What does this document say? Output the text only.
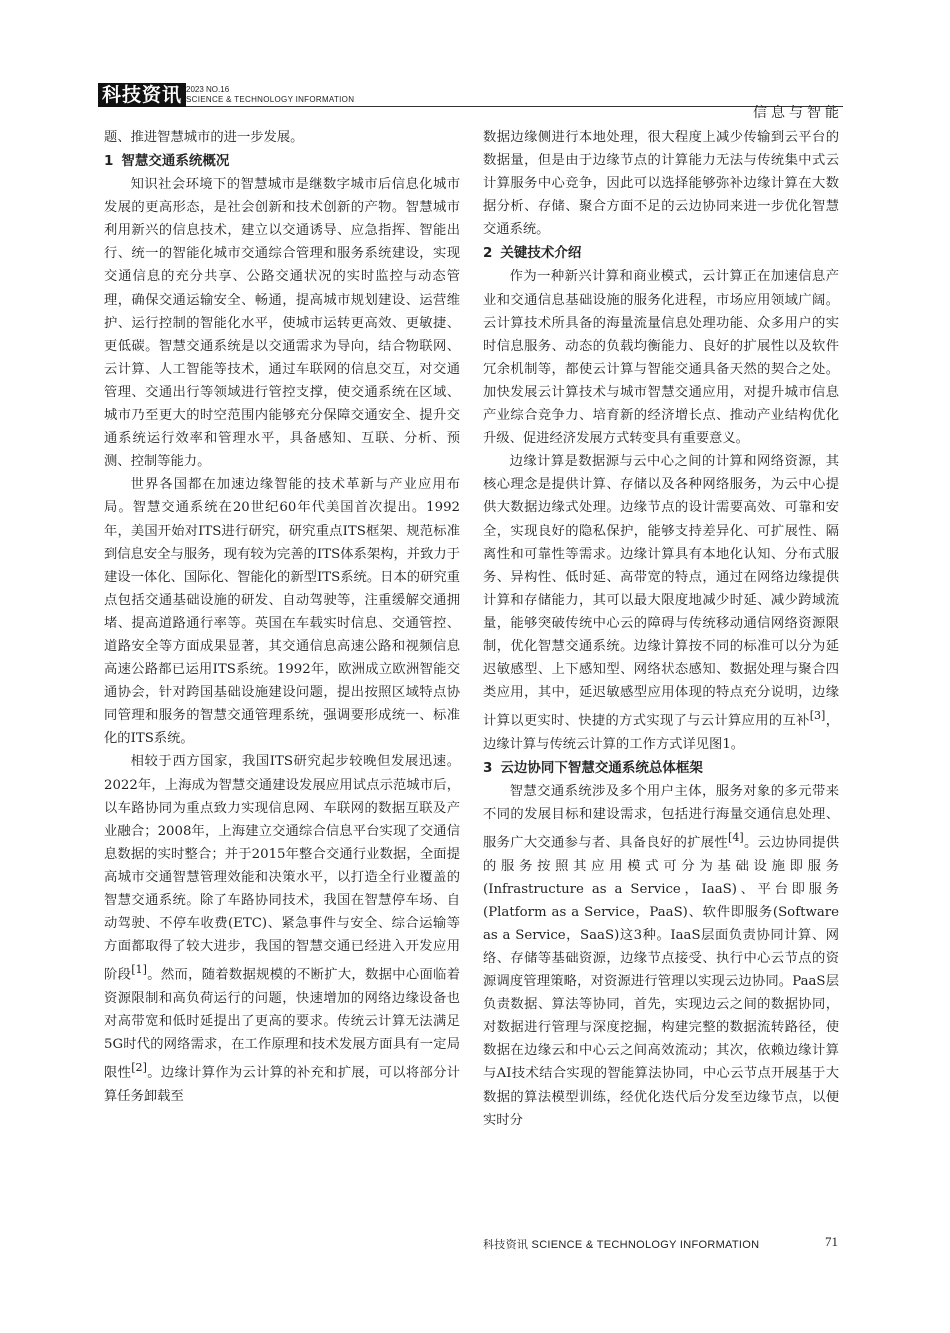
科技资讯 2023 NO.16
SCIENCE & TECHNOLOGY INFORMATION
信息与智能

题、推进智慧城市的进一步发展。

1 智慧交通系统概况

知识社会环境下的智慧城市是继数字城市后信息化城市发展的更高形态，是社会创新和技术创新的产物。智慧城市利用新兴的信息技术，建立以交通诱导、应急指挥、智能出行、统一的智能化城市交通综合管理和服务系统建设，实现交通信息的充分共享、公路交通状况的实时监控与动态管理，确保交通运输安全、畅通，提高城市规划建设、运营维护、运行控制的智能化水平，使城市运转更高效、更敏捷、更低碳。智慧交通系统是以交通需求为导向，结合物联网、云计算、人工智能等技术，通过车联网的信息交互，对交通管理、交通出行等领域进行管控支撑，使交通系统在区域、城市乃至更大的时空范围内能够充分保障交通安全、提升交通系统运行效率和管理水平，具备感知、互联、分析、预测、控制等能力。

世界各国都在加速边缘智能的技术革新与产业应用布局。智慧交通系统在20世纪60年代美国首次提出。1992年，美国开始对ITS进行研究，研究重点ITS框架、规范标准到信息安全与服务，现有较为完善的ITS体系架构，并致力于建设一体化、国际化、智能化的新型ITS系统。日本的研究重点包括交通基础设施的研发、自动驾驶等，注重缓解交通拥堵、提高道路通行率等。英国在车载实时信息、交通管控、道路安全等方面成果显著，其交通信息高速公路和视频信息高速公路都已运用ITS系统。1992年，欧洲成立欧洲智能交通协会，针对跨国基础设施建设问题，提出按照区域特点协同管理和服务的智慧交通管理系统，强调要形成统一、标准化的ITS系统。

相较于西方国家，我国ITS研究起步较晚但发展迅速。2022年，上海成为智慧交通建设发展应用试点示范城市后，以车路协同为重点致力实现信息网、车联网的数据互联及产业融合；2008年，上海建立交通综合信息平台实现了交通信息数据的实时整合；并于2015年整合交通行业数据，全面提高城市交通智慧管理效能和决策水平，以打造全行业覆盖的智慧交通系统。除了车路协同技术，我国在智慧停车场、自动驾驶、不停车收费(ETC)、紧急事件与安全、综合运输等方面都取得了较大进步，我国的智慧交通已经进入开发应用阶段[1]。然而，随着数据规模的不断扩大，数据中心面临着资源限制和高负荷运行的问题，快速增加的网络边缘设备也对高带宽和低时延提出了更高的要求。传统云计算无法满足5G时代的网络需求，在工作原理和技术发展方面具有一定局限性[2]。边缘计算作为云计算的补充和扩展，可以将部分计算任务卸载至

数据边缘侧进行本地处理，很大程度上减少传输到云平台的数据量，但是由于边缘节点的计算能力无法与传统集中式云计算服务中心竞争，因此可以选择能够弥补边缘计算在大数据分析、存储、聚合方面不足的云边协同来进一步优化智慧交通系统。

2 关键技术介绍

作为一种新兴计算和商业模式，云计算正在加速信息产业和交通信息基础设施的服务化进程，市场应用领域广阔。云计算技术所具备的海量流量信息处理功能、众多用户的实时信息服务、动态的负载均衡能力、良好的扩展性以及软件冗余机制等，都使云计算与智能交通具备天然的契合之处。加快发展云计算技术与城市智慧交通应用，对提升城市信息产业综合竞争力、培育新的经济增长点、推动产业结构优化升级、促进经济发展方式转变具有重要意义。

边缘计算是数据源与云中心之间的计算和网络资源，其核心理念是提供计算、存储以及各种网络服务，为云中心提供大数据边缘式处理。边缘节点的设计需要高效、可靠和安全，实现良好的隐私保护，能够支持差异化、可扩展性、隔离性和可靠性等需求。边缘计算具有本地化认知、分布式服务、异构性、低时延、高带宽的特点，通过在网络边缘提供计算和存储能力，其可以最大限度地减少时延、减少跨域流量，能够突破传统中心云的障碍与传统移动通信网络资源限制，优化智慧交通系统。边缘计算按不同的标准可以分为延迟敏感型、上下感知型、网络状态感知、数据处理与聚合四类应用，其中，延迟敏感型应用体现的特点充分说明，边缘计算以更实时、快捷的方式实现了与云计算应用的互补[3]，边缘计算与传统云计算的工作方式详见图1。

3 云边协同下智慧交通系统总体框架

智慧交通系统涉及多个用户主体，服务对象的多元带来不同的发展目标和建设需求，包括进行海量交通信息处理、服务广大交通参与者、具备良好的扩展性[4]。云边协同提供的服务按照其应用模式可分为基础设施即服务(Infrastructure as a Service，IaaS)、平台即服务(Platform as a Service，PaaS)、软件即服务(Software as a Service，SaaS)这3种。IaaS层面负责协同计算、网络、存储等基础资源，边缘节点接受、执行中心云节点的资源调度管理策略，对资源进行管理以实现云边协同。PaaS层负责数据、算法等协同，首先，实现边云之间的数据协同，对数据进行管理与深度挖掘，构建完整的数据流转路径，使数据在边缘云和中心云之间高效流动；其次，依赖边缘计算与AI技术结合实现的智能算法协同，中心云节点开展基于大数据的算法模型训练，经优化迭代后分发至边缘节点，以便实时分

科技资讯 SCIENCE & TECHNOLOGY INFORMATION	71
